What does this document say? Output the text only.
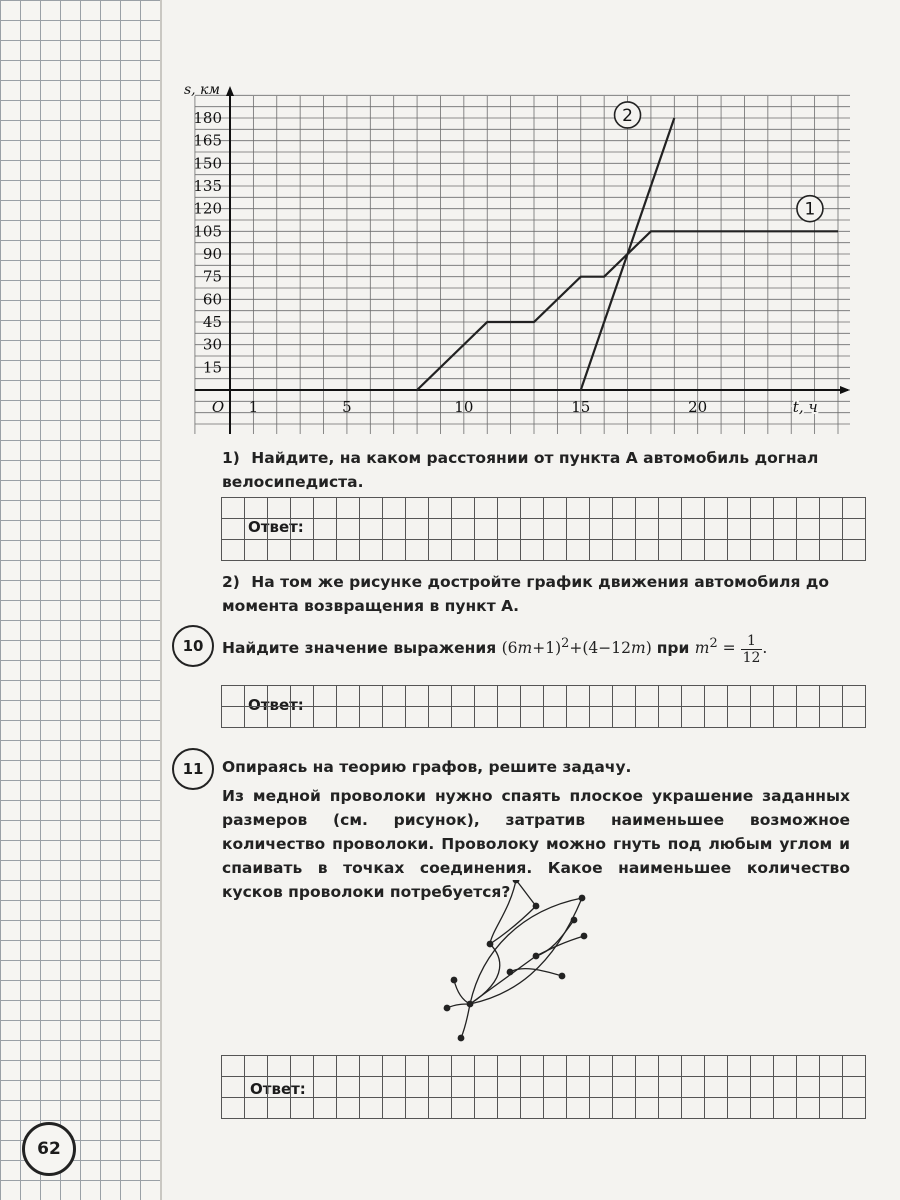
62
15
30
45
60
75
90
105
120
135
150
165
180
1	5	10	15	20
O	t, ч
s, км
1
2
1) Найдите, на каком расстоянии от пункта А автомобиль догнал велосипедиста.
Ответ:

2) На том же рисунке достройте график движения автомобиля до момента возвращения в пункт А.
10	Найдите значение выражения $(6m+1)^2+(4-12m)$ при $m^2 = \frac{1}{12}$ .
Ответ:

11	Опираясь на теорию графов, решите задачу.
Из медной проволоки нужно спаять плоское украшение заданных размеров (см. рисунок), затратив наименьшее возможное количество проволоки. Проволоку можно гнуть под любым углом и спаивать в точках соединения. Какое наименьшее количество кусков проволоки потребуется?
Ответ:
